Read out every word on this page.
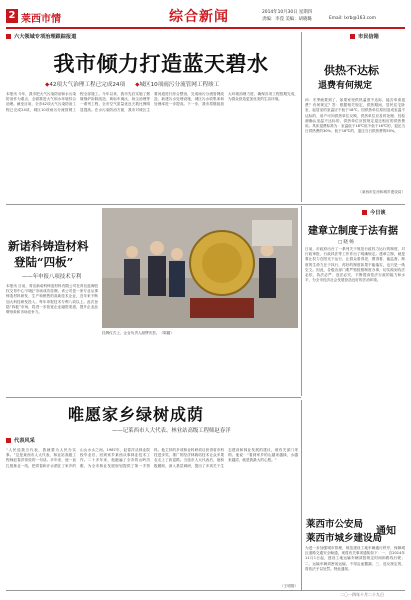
2 莱西市情	综合新闻	2014年10月30日 星期四
责编：李滢 美编：胡晓璐	Email: lxrb@163.com
六大领域专项治理跟踪报道
我市倾力打造蓝天碧水
◆42项大气治理工程已完成24项 ◆城区10项雨污分流管网工程竣工
本报讯 今年，我市把大气污染防治和水污染防治作为重点，全面推进大气和水环境综合治理。截至目前，全市42项大气污染防治工程已完成24项，城区10项雨污分流管网工程全部竣工。今年以来，我市先后实施了燃煤锅炉拆除改造、黄标车淘汰、扬尘治理等一系列工程，全市空气质量优良天数比例明显提高。在水污染防治方面，我市对城区主要河道进行综合整治，完成雨污分流管网改造，新建污水处理设施，城区污水收集率和处理率进一步提高。下一步，我市将继续加大环境治理力度，确保各项工程按期完成，为群众营造更加优美的生活环境。
市民信箱
供热不达标
退费有何规定
问：冬季就要到了，如果家里供热温度不达标，能否申请退费？有何规定？答：根据相关规定，供热期间，居民住宅卧室、起居室的室温应不低于18℃。因供热单位原因造成室温不达标的，用户可向供热单位反映，供热单位应及时处理；经检测确认室温不达标的，供热单位应按规定退还相应的供热费用。具体退费标准为：室温低于18℃但不低于16℃的，退还当日供热费的30%；低于16℃的，退还当日供热费的50%。
（莱西市住房和城乡建设局）
新诺科铸造材料
登陆“四板”
——年申报八项技术专利
本报讯 日前，青岛新诺科铸造材料有限公司在青岛蓝海股权交易中心“四板”市场成功挂牌。该公司是一家专业从事铸造材料研发、生产和销售的高新技术企业，近年来不断加大科技研发投入，每年申报技术专利八项以上。此次登陆“四板”市场，将进一步拓宽企业融资渠道，提升企业品牌形象和市场竞争力。
挂牌仪式上，企业负责人敲锣庆贺。（陈璐）
今日谈
建章立制度于法有据
□ 晓 畅
日前，市政府出台了一系列关于规范行政权力运行的制度，对行政审批、行政执法等工作作出了明确规定。建章立制，就是要让权力在阳光下运行，让群众看得见、摸得着、能监督。制度的生命力在于执行，再好的制度如果不能落实，也只是一纸空文。因此，各级各部门要严格按照制度办事，切实做到有法必依、执法必严、违法必究，不断提高依法行政的能力和水平，为全市经济社会发展营造良好的法治环境。
唯愿家乡绿树成荫
——记莱西市人大代表、林业站高级工程师赵春洋
代表风采
“人民选我当代表，我就要为人民办实事。”这是莱西市人大代表、林业站高级工程师赵春洋常说的一句话。多年来，他一直扎根林业一线，把青春和汗水洒在了家乡的山山水水之间。1987年，赵春洋从林业院校毕业后，回到家乡莱西从事林业技术工作。二十多年来，他跑遍了全市的山岭沟壑，为全市林业发展规划提供了第一手资料。他主持的多项林业科研项目获得省市科技进步奖，推广的经济林栽培技术让众多果农走上了致富路。当选市人大代表后，他积极履职，深入基层调研，提出了多项关于生态建设和林业发展的建议，被有关部门采纳。他说：“看到家乡的山越来越绿，水越来越清，就是我最大的心愿。”
（王明翔）
莱西市公安局
莱西市城乡建设局
通知
为进一步加强城市管理，规范建设工地车辆通行秩序，保障城区道路交通安全畅通，现将有关事项通知如下：一、自2014年11月1日起，建设工地运输车辆须按规定时间和路线行驶；二、运输车辆须密闭运输，不得沿途撒漏；三、违反规定的，将依法予以处罚。特此通知。
二〇一四年十月二十九日
